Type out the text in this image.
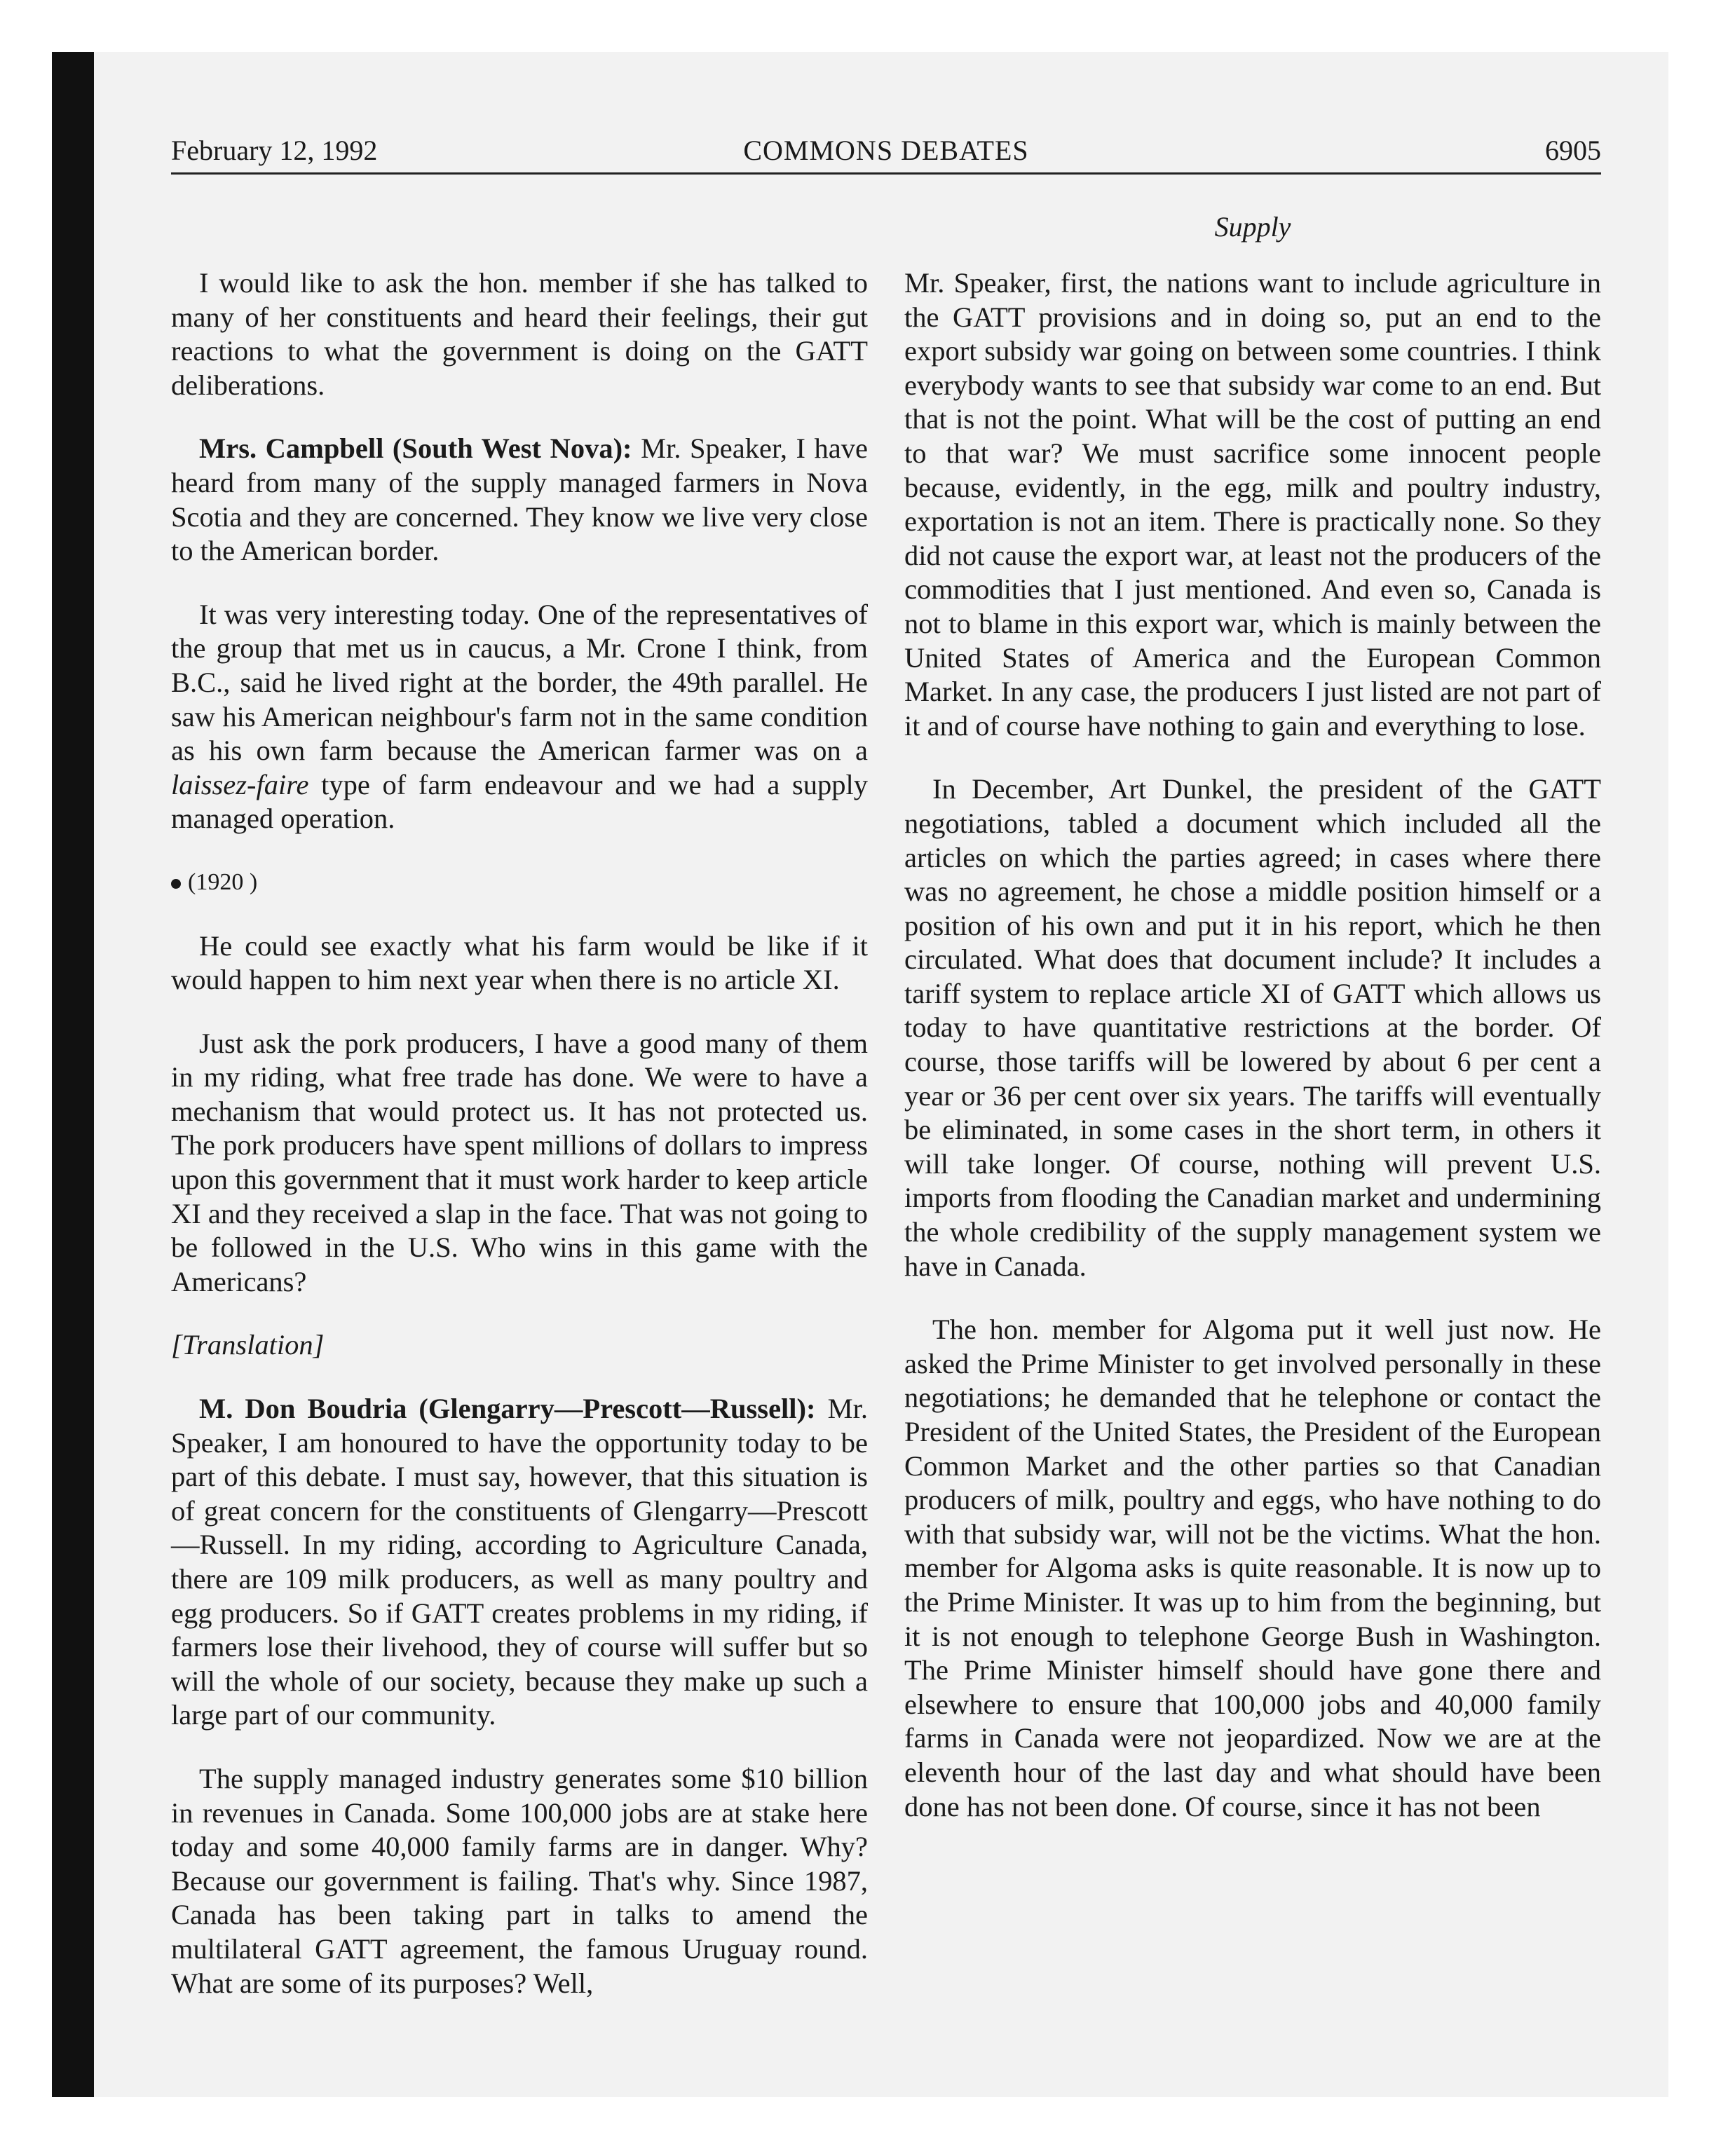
February 12, 1992	COMMONS DEBATES	6905
Supply

I would like to ask the hon. member if she has talked to many of her constituents and heard their feelings, their gut reactions to what the government is doing on the GATT deliberations.

Mrs. Campbell (South West Nova): Mr. Speaker, I have heard from many of the supply managed farmers in Nova Scotia and they are concerned. They know we live very close to the American border.

It was very interesting today. One of the representatives of the group that met us in caucus, a Mr. Crone I think, from B.C., said he lived right at the border, the 49th parallel. He saw his American neighbour's farm not in the same condition as his own farm because the American farmer was on a laissez-faire type of farm endeavour and we had a supply managed operation.

(1920 )

He could see exactly what his farm would be like if it would happen to him next year when there is no article XI.

Just ask the pork producers, I have a good many of them in my riding, what free trade has done. We were to have a mechanism that would protect us. It has not protected us. The pork producers have spent millions of dollars to impress upon this government that it must work harder to keep article XI and they received a slap in the face. That was not going to be followed in the U.S. Who wins in this game with the Americans?

[Translation]

M. Don Boudria (Glengarry—Prescott—Russell): Mr. Speaker, I am honoured to have the opportunity today to be part of this debate. I must say, however, that this situation is of great concern for the constituents of Glengarry—Prescott—Russell. In my riding, according to Agriculture Canada, there are 109 milk producers, as well as many poultry and egg producers. So if GATT creates problems in my riding, if farmers lose their livehood, they of course will suffer but so will the whole of our society, because they make up such a large part of our community.

The supply managed industry generates some $10 billion in revenues in Canada. Some 100,000 jobs are at stake here today and some 40,000 family farms are in danger. Why? Because our government is failing. That's why. Since 1987, Canada has been taking part in talks to amend the multilateral GATT agreement, the famous Uruguay round. What are some of its purposes? Well,

Mr. Speaker, first, the nations want to include agriculture in the GATT provisions and in doing so, put an end to the export subsidy war going on between some countries. I think everybody wants to see that subsidy war come to an end. But that is not the point. What will be the cost of putting an end to that war? We must sacrifice some innocent people because, evidently, in the egg, milk and poultry industry, exportation is not an item. There is practically none. So they did not cause the export war, at least not the producers of the commodities that I just mentioned. And even so, Canada is not to blame in this export war, which is mainly between the United States of America and the European Common Market. In any case, the producers I just listed are not part of it and of course have nothing to gain and everything to lose.

In December, Art Dunkel, the president of the GATT negotiations, tabled a document which included all the articles on which the parties agreed; in cases where there was no agreement, he chose a middle position himself or a position of his own and put it in his report, which he then circulated. What does that document include? It includes a tariff system to replace article XI of GATT which allows us today to have quantitative restrictions at the border. Of course, those tariffs will be lowered by about 6 per cent a year or 36 per cent over six years. The tariffs will eventually be eliminated, in some cases in the short term, in others it will take longer. Of course, nothing will prevent U.S. imports from flooding the Canadian market and undermining the whole credibility of the supply management system we have in Canada.

The hon. member for Algoma put it well just now. He asked the Prime Minister to get involved personally in these negotiations; he demanded that he telephone or contact the President of the United States, the President of the European Common Market and the other parties so that Canadian producers of milk, poultry and eggs, who have nothing to do with that subsidy war, will not be the victims. What the hon. member for Algoma asks is quite reasonable. It is now up to the Prime Minister. It was up to him from the beginning, but it is not enough to telephone George Bush in Washington. The Prime Minister himself should have gone there and elsewhere to ensure that 100,000 jobs and 40,000 family farms in Canada were not jeopardized. Now we are at the eleventh hour of the last day and what should have been done has not been done. Of course, since it has not been
